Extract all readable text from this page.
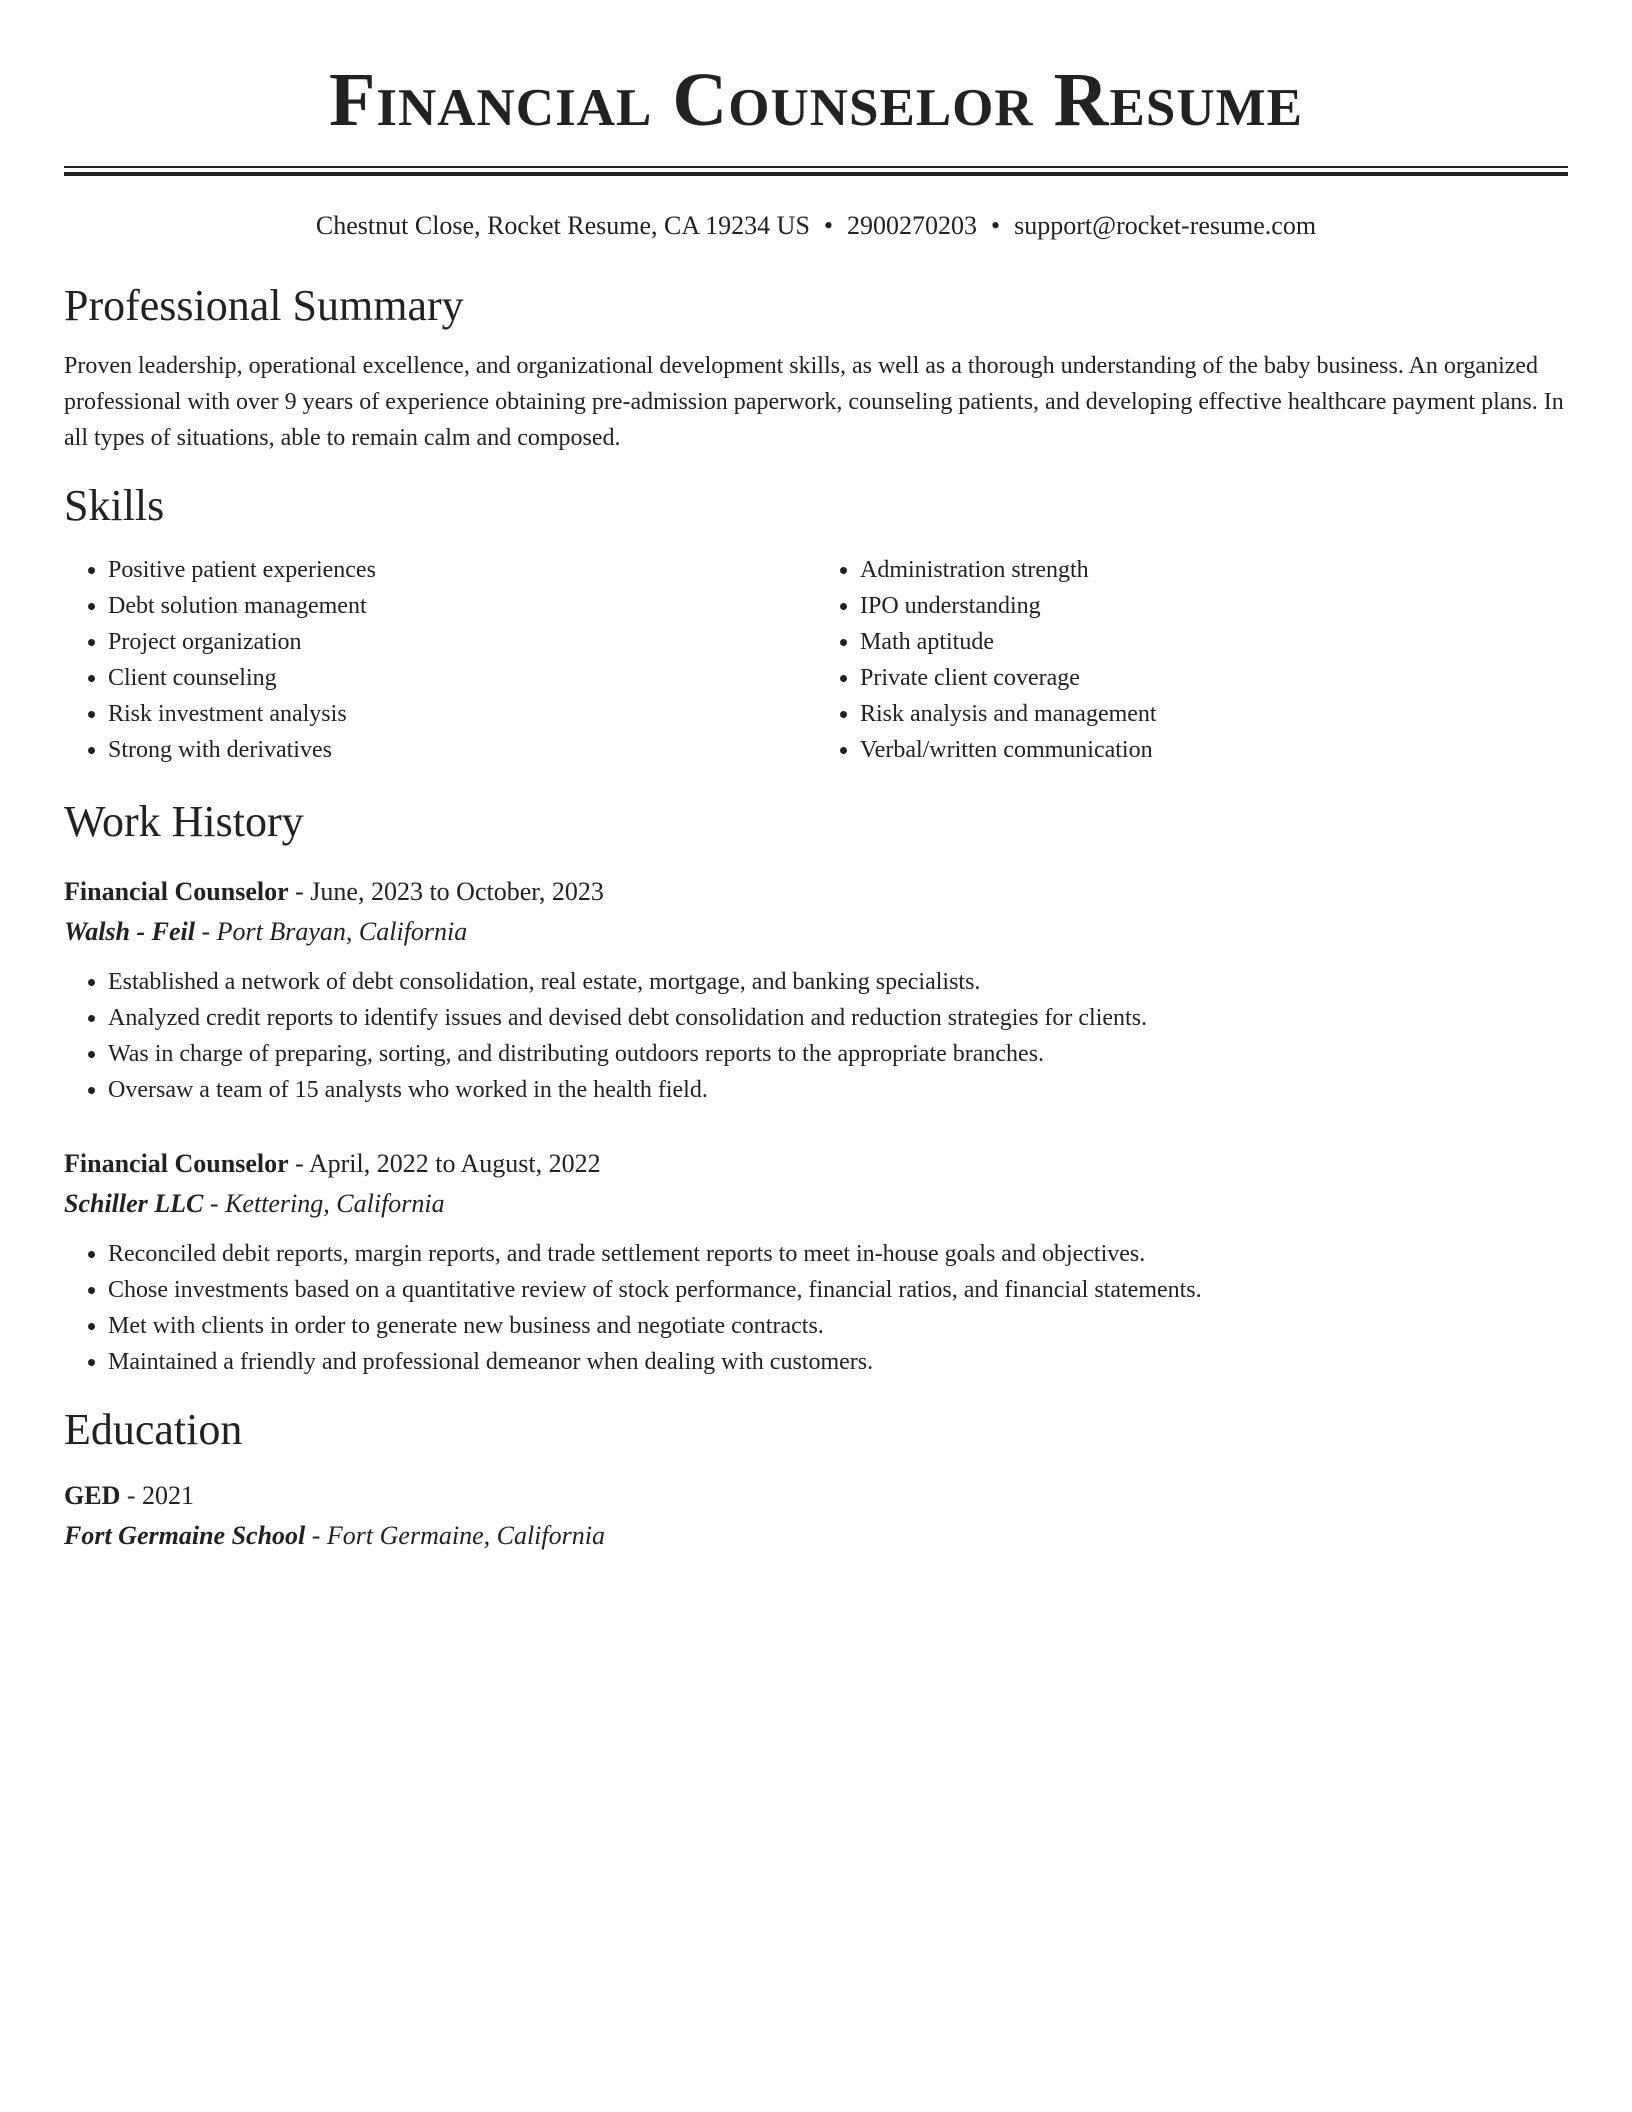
Financial Counselor Resume
Chestnut Close, Rocket Resume, CA 19234 US • 2900270203 • support@rocket-resume.com
Professional Summary
Proven leadership, operational excellence, and organizational development skills, as well as a thorough understanding of the baby business. An organized professional with over 9 years of experience obtaining pre-admission paperwork, counseling patients, and developing effective healthcare payment plans. In all types of situations, able to remain calm and composed.
Skills
• Positive patient experiences
• Debt solution management
• Project organization
• Client counseling
• Risk investment analysis
• Strong with derivatives
• Administration strength
• IPO understanding
• Math aptitude
• Private client coverage
• Risk analysis and management
• Verbal/written communication
Work History
Financial Counselor - June, 2023 to October, 2023
Walsh - Feil - Port Brayan, California
• Established a network of debt consolidation, real estate, mortgage, and banking specialists.
• Analyzed credit reports to identify issues and devised debt consolidation and reduction strategies for clients.
• Was in charge of preparing, sorting, and distributing outdoors reports to the appropriate branches.
• Oversaw a team of 15 analysts who worked in the health field.
Financial Counselor - April, 2022 to August, 2022
Schiller LLC - Kettering, California
• Reconciled debit reports, margin reports, and trade settlement reports to meet in-house goals and objectives.
• Chose investments based on a quantitative review of stock performance, financial ratios, and financial statements.
• Met with clients in order to generate new business and negotiate contracts.
• Maintained a friendly and professional demeanor when dealing with customers.
Education
GED - 2021
Fort Germaine School - Fort Germaine, California
